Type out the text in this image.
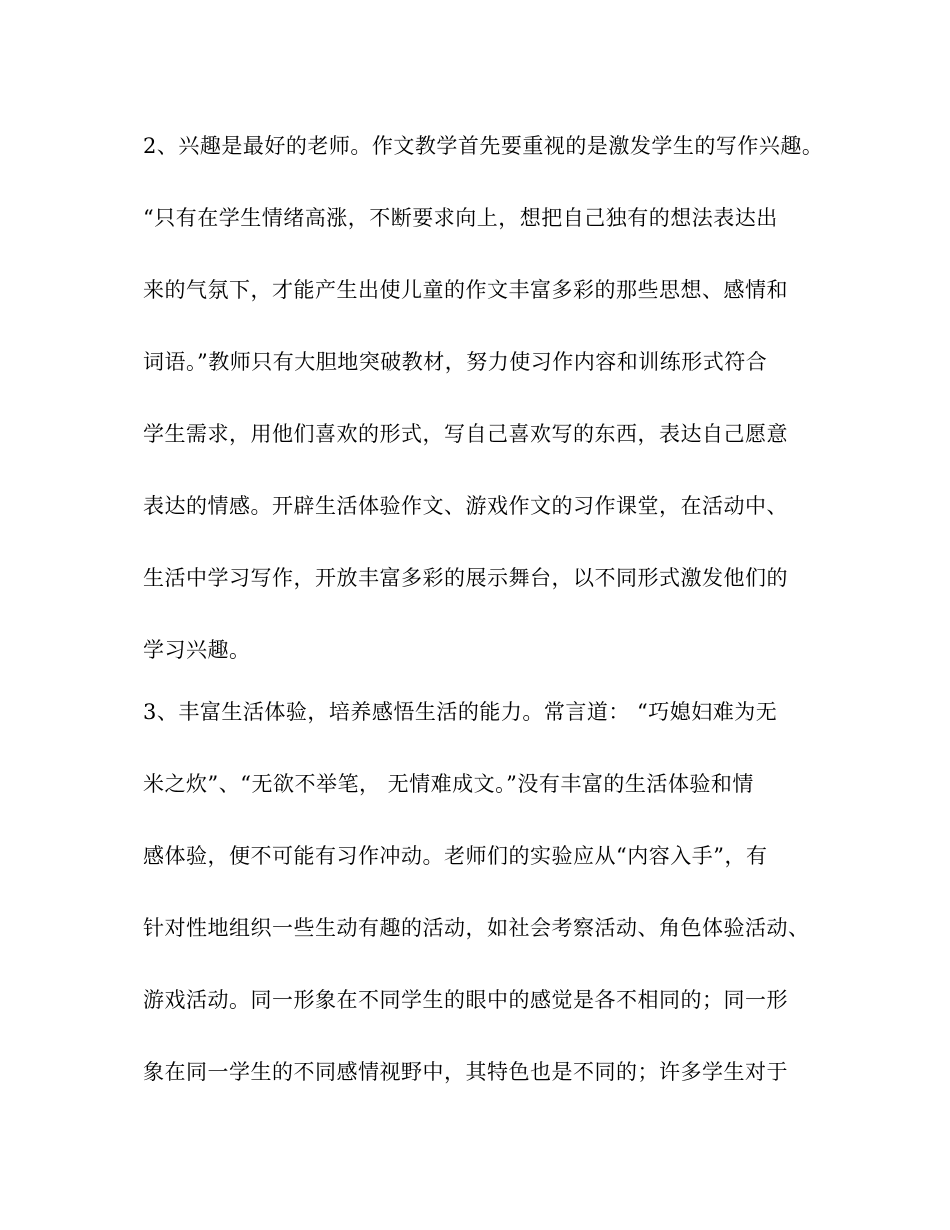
2、兴趣是最好的老师。作文教学首先要重视的是激发学生的写作兴趣。
“只有在学生情绪高涨，不断要求向上，想把自己独有的想法表达出
来的气氛下，才能产生出使儿童的作文丰富多彩的那些思想、感情和
词语。”教师只有大胆地突破教材，努力使习作内容和训练形式符合
学生需求，用他们喜欢的形式，写自己喜欢写的东西，表达自己愿意
表达的情感。开辟生活体验作文、游戏作文的习作课堂，在活动中、
生活中学习写作，开放丰富多彩的展示舞台，以不同形式激发他们的
学习兴趣。
3、丰富生活体验，培养感悟生活的能力。常言道： “巧媳妇难为无
米之炊”、“无欲不举笔， 无情难成文。”没有丰富的生活体验和情
感体验，便不可能有习作冲动。老师们的实验应从“内容入手”，有
针对性地组织一些生动有趣的活动，如社会考察活动、角色体验活动、
游戏活动。同一形象在不同学生的眼中的感觉是各不相同的；同一形
象在同一学生的不同感情视野中，其特色也是不同的；许多学生对于
